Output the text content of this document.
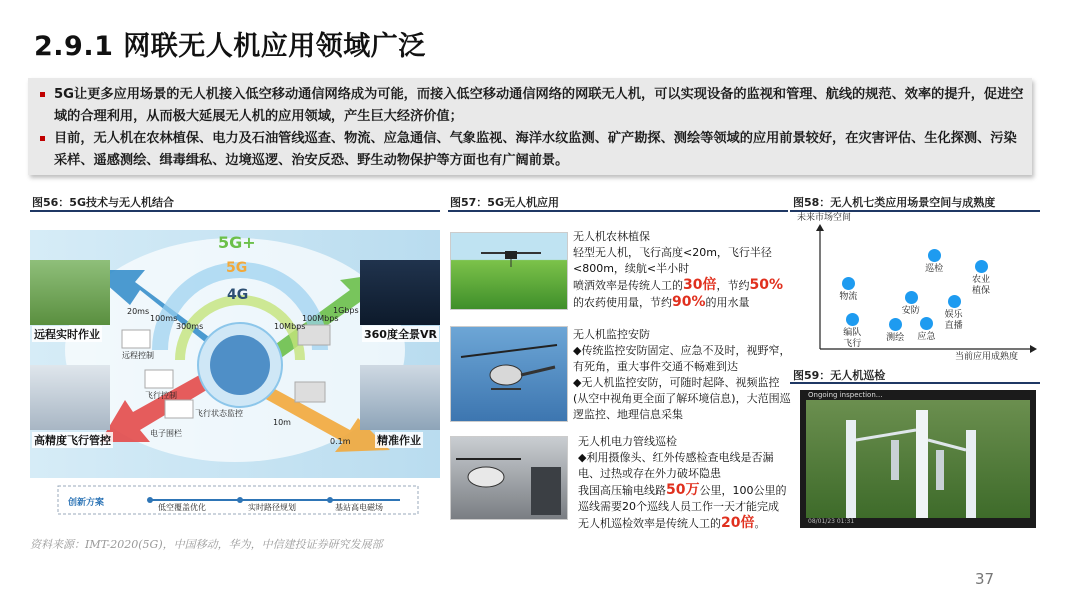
2.9.1 网联无人机应用领域广泛
5G让更多应用场景的无人机接入低空移动通信网络成为可能，而接入低空移动通信网络的网联无人机，可以实现设备的监视和管理、航线的规范、效率的提升，促进空域的合理利用，从而极大延展无人机的应用领域，产生巨大经济价值；
目前，无人机在农林植保、电力及石油管线巡查、物流、应急通信、气象监视、海洋水纹监测、矿产勘探、测绘等领域的应用前景较好，在灾害评估、生化探测、污染采样、遥感测绘、缉毒缉私、边境巡逻、治安反恐、野生动物保护等方面也有广阔前景。
图56：5G技术与无人机结合	图57：5G无人机应用	图58：无人机七类应用场景空间与成熟度
5G+
5G
4G
远程实时作业	360度全景VR
高精度飞行管控	精准作业
20ms
100ms
300ms
1Gbps
100Mbps
10Mbps
0.1m
10m
远程控制
飞行控制
飞行状态监控
电子围栏
创新方案	低空覆盖优化	实时路径规划	基站高电磁场
无人机农林植保
轻型无人机，飞行高度<20m，飞行半径<800m，续航<半小时
喷洒效率是传统人工的30倍，节约50%的农药使用量，节约90%的用水量
无人机监控安防
◆传统监控安防固定、应急不及时，视野窄，有死角，重大事件交通不畅难到达
◆无人机监控安防，可随时起降、视频监控(从空中视角更全面了解环境信息)，大范围巡逻监控、地理信息采集
无人机电力管线巡检
◆利用摄像头、红外传感检查电线是否漏电、过热或存在外力破坏隐患
我国高压输电线路50万公里，100公里的巡线需要20个巡线人员工作一天才能完成
无人机巡检效率是传统人工的20倍。
未来市场空间
当前应用成熟度
巡检
农业
植保
物流
安防	娱乐
直播
编队
飞行
测绘	应急
图59：无人机巡检
Ongoing inspection...
08/01/23 01:31
资料来源：IMT-2020(5G)，中国移动，华为，中信建投证券研究发展部
37
